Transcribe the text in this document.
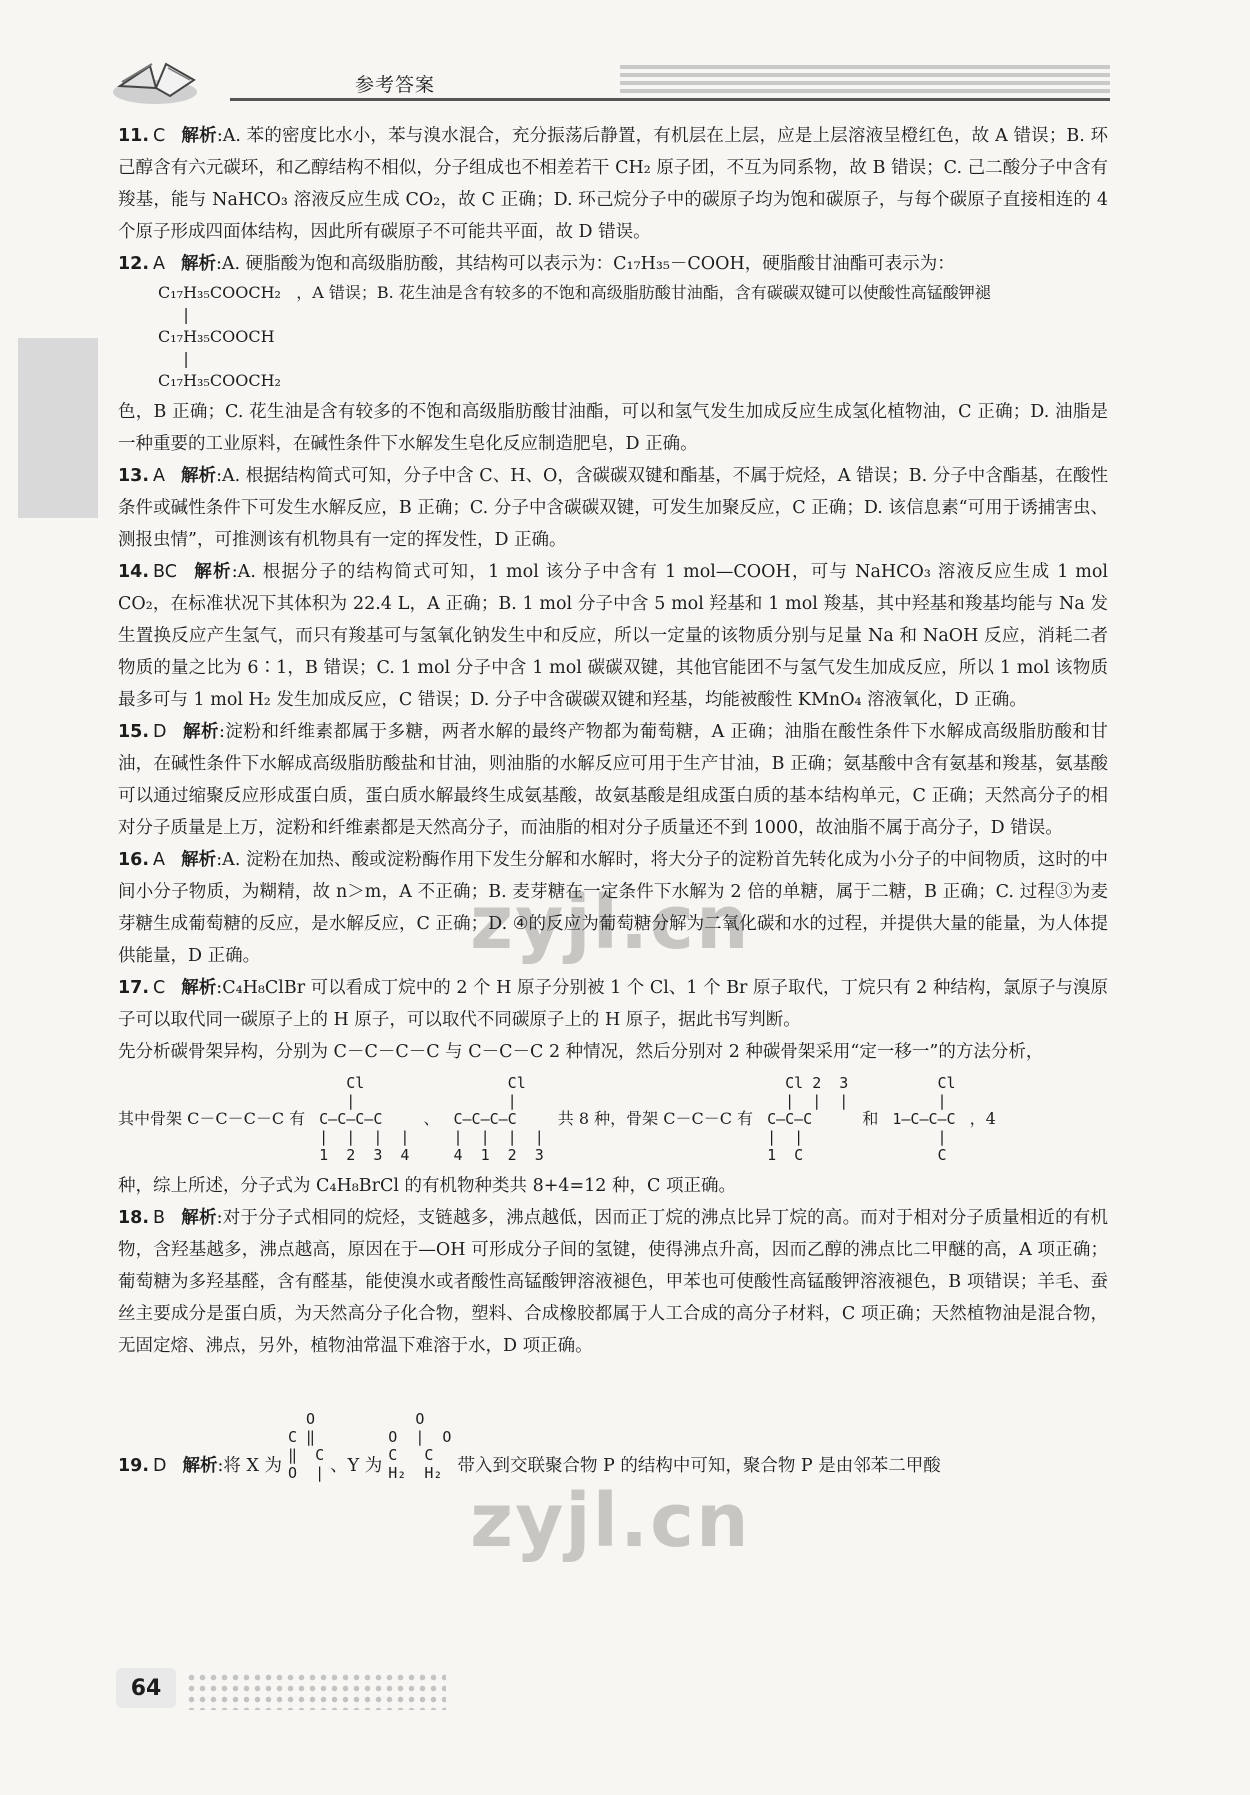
参考答案
11. C 解析:A. 苯的密度比水小，苯与溴水混合，充分振荡后静置，有机层在上层，应是上层溶液呈橙红色，故 A 错误；B. 环己醇含有六元碳环，和乙醇结构不相似，分子组成也不相差若干 CH₂ 原子团，不互为同系物，故 B 错误；C. 己二酸分子中含有羧基，能与 NaHCO₃ 溶液反应生成 CO₂，故 C 正确；D. 环己烷分子中的碳原子均为饱和碳原子，与每个碳原子直接相连的 4 个原子形成四面体结构，因此所有碳原子不可能共平面，故 D 错误。
12. A 解析:A. 硬脂酸为饱和高级脂肪酸，其结构可以表示为：C₁₇H₃₅－COOH，硬脂酸甘油酯可表示为：
C₁₇H₃₅COOCH₂   ，A 错误；B. 花生油是含有较多的不饱和高级脂肪酸甘油酯，含有碳碳双键可以使酸性高锰酸钾褪
|
C₁₇H₃₅COOCH
|
C₁₇H₃₅COOCH₂
色，B 正确；C. 花生油是含有较多的不饱和高级脂肪酸甘油酯，可以和氢气发生加成反应生成氢化植物油，C 正确；D. 油脂是一种重要的工业原料，在碱性条件下水解发生皂化反应制造肥皂，D 正确。
13. A 解析:A. 根据结构简式可知，分子中含 C、H、O，含碳碳双键和酯基，不属于烷烃，A 错误；B. 分子中含酯基，在酸性条件或碱性条件下可发生水解反应，B 正确；C. 分子中含碳碳双键，可发生加聚反应，C 正确；D. 该信息素“可用于诱捕害虫、测报虫情”，可推测该有机物具有一定的挥发性，D 正确。
14. BC 解析:A. 根据分子的结构简式可知，1 mol 该分子中含有 1 mol—COOH，可与 NaHCO₃ 溶液反应生成 1 mol CO₂，在标准状况下其体积为 22.4 L，A 正确；B. 1 mol 分子中含 5 mol 羟基和 1 mol 羧基，其中羟基和羧基均能与 Na 发生置换反应产生氢气，而只有羧基可与氢氧化钠发生中和反应，所以一定量的该物质分别与足量 Na 和 NaOH 反应，消耗二者物质的量之比为 6∶1，B 错误；C. 1 mol 分子中含 1 mol 碳碳双键，其他官能团不与氢气发生加成反应，所以 1 mol 该物质最多可与 1 mol H₂ 发生加成反应，C 错误；D. 分子中含碳碳双键和羟基，均能被酸性 KMnO₄ 溶液氧化，D 正确。
15. D 解析:淀粉和纤维素都属于多糖，两者水解的最终产物都为葡萄糖，A 正确；油脂在酸性条件下水解成高级脂肪酸和甘油，在碱性条件下水解成高级脂肪酸盐和甘油，则油脂的水解反应可用于生产甘油，B 正确；氨基酸中含有氨基和羧基，氨基酸可以通过缩聚反应形成蛋白质，蛋白质水解最终生成氨基酸，故氨基酸是组成蛋白质的基本结构单元，C 正确；天然高分子的相对分子质量是上万，淀粉和纤维素都是天然高分子，而油脂的相对分子质量还不到 1000，故油脂不属于高分子，D 错误。
16. A 解析:A. 淀粉在加热、酸或淀粉酶作用下发生分解和水解时，将大分子的淀粉首先转化成为小分子的中间物质，这时的中间小分子物质，为糊精，故 n＞m，A 不正确；B. 麦芽糖在一定条件下水解为 2 倍的单糖，属于二糖，B 正确；C. 过程③为麦芽糖生成葡萄糖的反应，是水解反应，C 正确；D. ④的反应为葡萄糖分解为二氧化碳和水的过程，并提供大量的能量，为人体提供能量，D 正确。
17. C 解析:C₄H₈ClBr 可以看成丁烷中的 2 个 H 原子分别被 1 个 Cl、1 个 Br 原子取代，丁烷只有 2 种结构，氯原子与溴原子可以取代同一碳原子上的 H 原子，可以取代不同碳原子上的 H 原子，据此书写判断。
先分析碳骨架异构，分别为 C－C－C－C 与 C－C－C 2 种情况，然后分别对 2 种碳骨架采用“定一移一”的方法分析，
其中骨架 C－C－C－C 有
Cl
|
C—C—C—C
|  |  |  |
1  2  3  4
、
Cl
|
C—C—C—C
|  |  |  |
4  1  2  3
共 8 种，骨架 C－C－C 有
Cl 2  3
|  |  |
C—C—C
|  |
1  C
和
Cl
|
1—C—C—C
|
C
，4
种，综上所述，分子式为 C₄H₈BrCl 的有机物种类共 8+4=12 种，C 项正确。
18. B 解析:对于分子式相同的烷烃，支链越多，沸点越低，因而正丁烷的沸点比异丁烷的高。而对于相对分子质量相近的有机物，含羟基越多，沸点越高，原因在于—OH 可形成分子间的氢键，使得沸点升高，因而乙醇的沸点比二甲醚的高，A 项正确；葡萄糖为多羟基醛，含有醛基，能使溴水或者酸性高锰酸钾溶液褪色，甲苯也可使酸性高锰酸钾溶液褪色，B 项错误；羊毛、蚕丝主要成分是蛋白质，为天然高分子化合物，塑料、合成橡胶都属于人工合成的高分子材料，C 项正确；天然植物油是混合物，无固定熔、沸点，另外，植物油常温下难溶于水，D 项正确。
19. D 解析:将 X 为
O
C ‖
‖  C
O  | 、Y 为
O
O  |  O
C   C
H₂  H₂ 带入到交联聚合物 P 的结构中可知，聚合物 P 是由邻苯二甲酸
zyjl.cn
zyjl.cn
64
